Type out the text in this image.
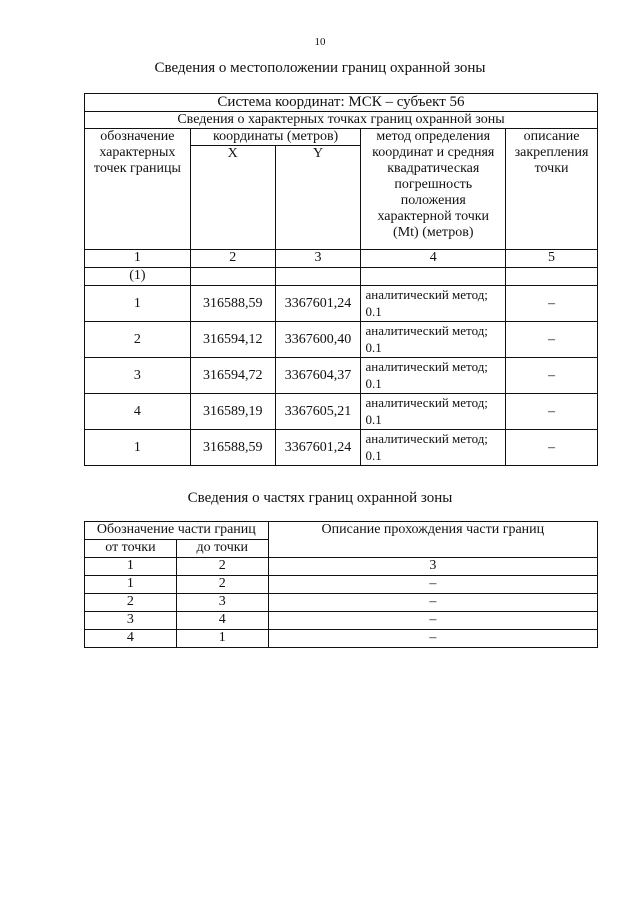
10
Сведения о местоположении границ охранной зоны
Система координат: МСК – субъект 56				
Сведения о характерных точках границ охранной зоны				
обозначение характерных точек границы	координаты (метров)		метод определения координат и средняя квадратическая погрешность положения характерной точки (Mt) (метров)	описание закрепления точки
	X	Y		
1	2	3	4	5
(1)				
1	316588,59	3367601,24	аналитический метод; 0.1	–
2	316594,12	3367600,40	аналитический метод; 0.1	–
3	316594,72	3367604,37	аналитический метод; 0.1	–
4	316589,19	3367605,21	аналитический метод; 0.1	–
1	316588,59	3367601,24	аналитический метод; 0.1	–
Сведения о частях границ охранной зоны
Обозначение части границ		Описание прохождения части границ
от точки	до точки	
1	2	3
1	2	–
2	3	–
3	4	–
4	1	–
